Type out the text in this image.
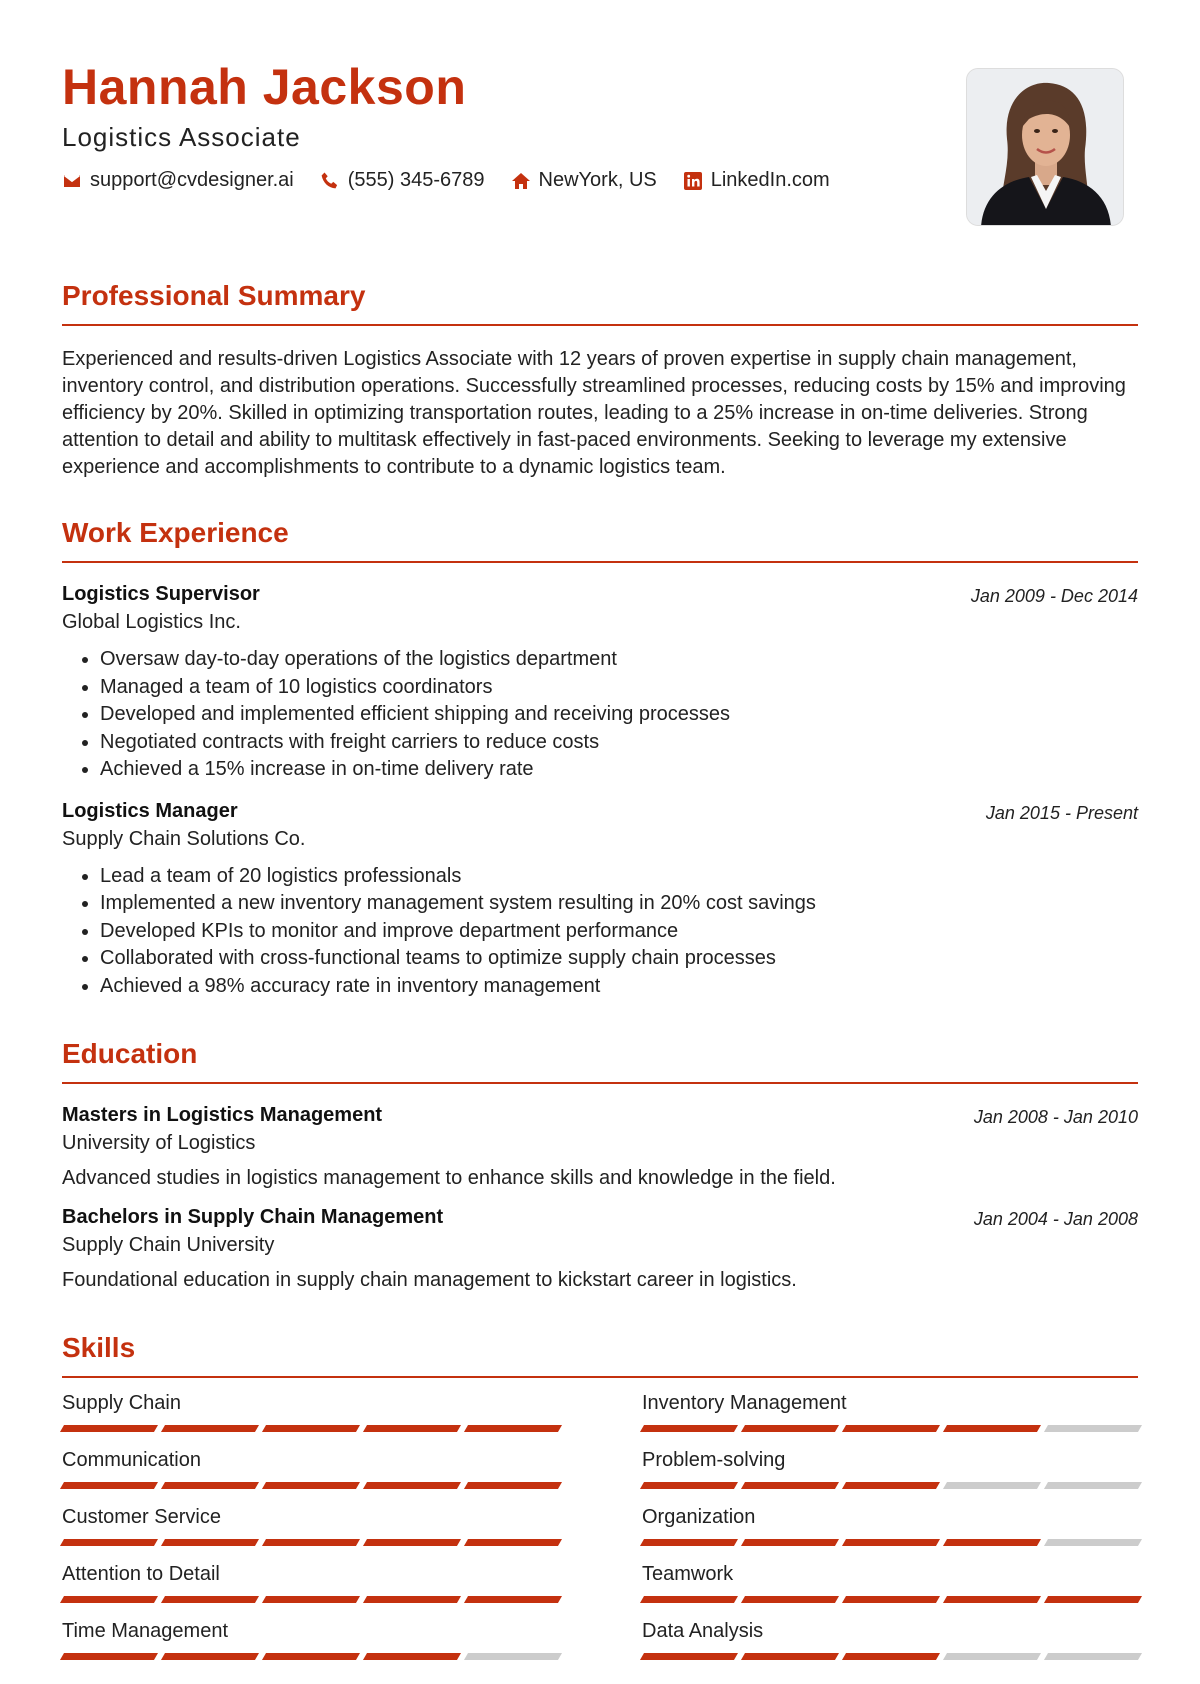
Hannah Jackson
Logistics Associate
support@cvdesigner.ai	(555) 345-6789	NewYork, US	LinkedIn.com
Professional Summary

Experienced and results-driven Logistics Associate with 12 years of proven expertise in supply chain management, inventory control, and distribution operations. Successfully streamlined processes, reducing costs by 15% and improving efficiency by 20%. Skilled in optimizing transportation routes, leading to a 25% increase in on-time deliveries. Strong attention to detail and ability to multitask effectively in fast-paced environments. Seeking to leverage my extensive experience and accomplishments to contribute to a dynamic logistics team.

Work Experience
Logistics Supervisor	Jan 2009 - Dec 2014
Global Logistics Inc.
• Oversaw day-to-day operations of the logistics department
• Managed a team of 10 logistics coordinators
• Developed and implemented efficient shipping and receiving processes
• Negotiated contracts with freight carriers to reduce costs
• Achieved a 15% increase in on-time delivery rate
Logistics Manager	Jan 2015 - Present
Supply Chain Solutions Co.
• Lead a team of 20 logistics professionals
• Implemented a new inventory management system resulting in 20% cost savings
• Developed KPIs to monitor and improve department performance
• Collaborated with cross-functional teams to optimize supply chain processes
• Achieved a 98% accuracy rate in inventory management
Education
Masters in Logistics Management	Jan 2008 - Jan 2010
University of Logistics
Advanced studies in logistics management to enhance skills and knowledge in the field.
Bachelors in Supply Chain Management	Jan 2004 - Jan 2008
Supply Chain University
Foundational education in supply chain management to kickstart career in logistics.
Skills
Supply Chain	Inventory Management
Communication	Problem-solving
Customer Service	Organization
Attention to Detail	Teamwork
Time Management	Data Analysis
